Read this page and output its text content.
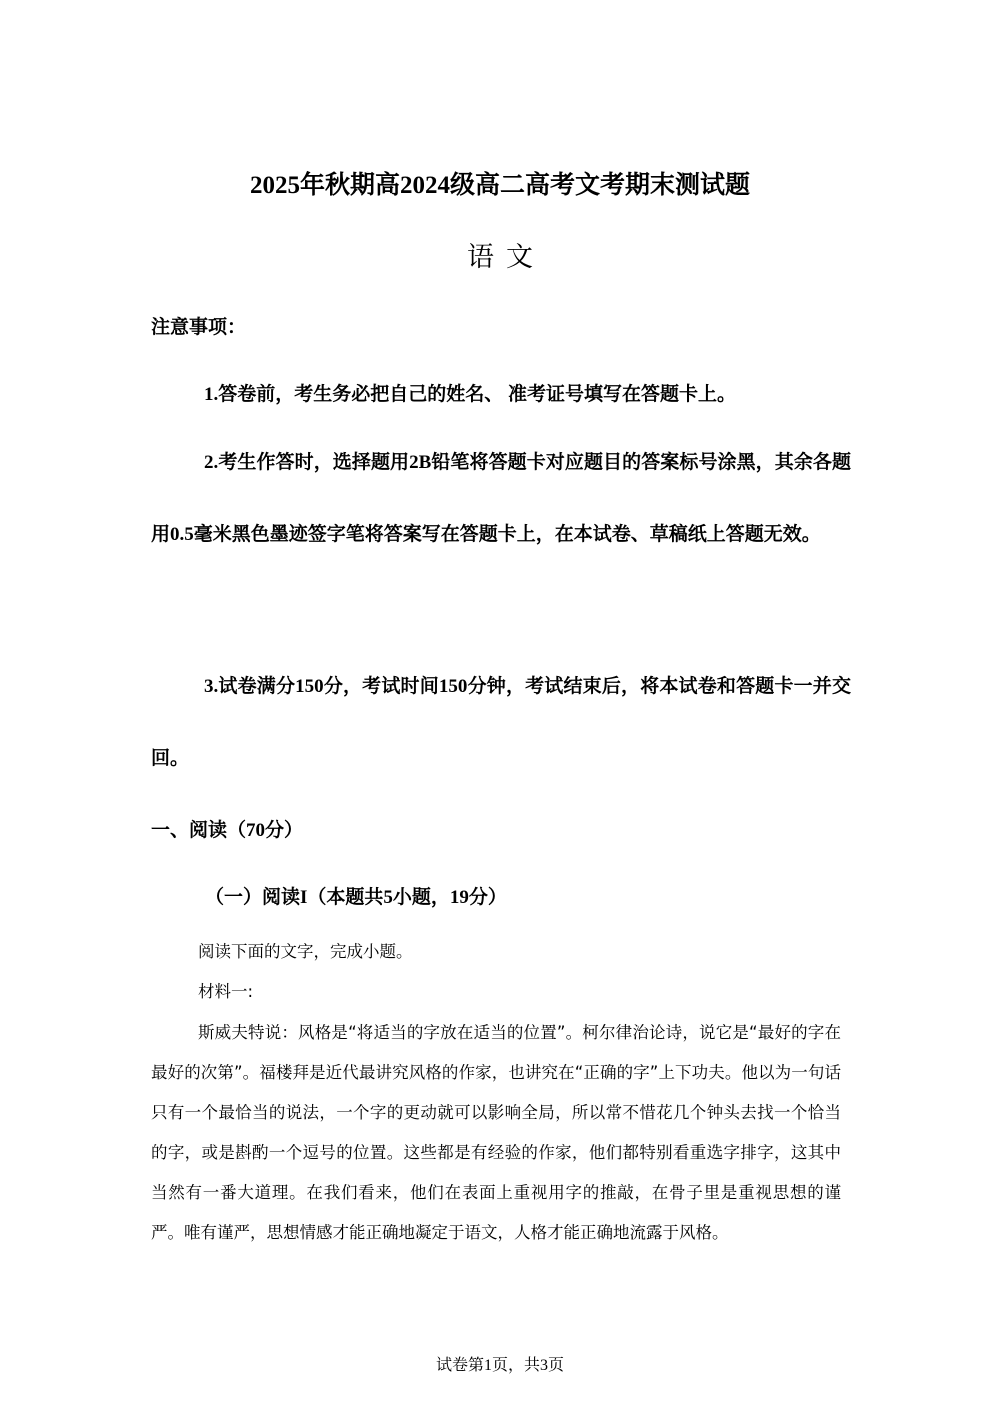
2025年秋期高2024级高二高考文考期末测试题
语文
注意事项：
1.答卷前，考生务必把自己的姓名、 准考证号填写在答题卡上。
2.考生作答时，选择题用2B铅笔将答题卡对应题目的答案标号涂黑，其余各题用0.5毫米黑色墨迹签字笔将答案写在答题卡上，在本试卷、草稿纸上答题无效。
3.试卷满分150分，考试时间150分钟，考试结束后，将本试卷和答题卡一并交回。
一、阅读（70分）
（一）阅读I（本题共5小题，19分）
阅读下面的文字，完成小题。
材料一:
斯威夫特说：风格是“将适当的字放在适当的位置”。柯尔律治论诗，说它是“最好的字在最好的次第”。福楼拜是近代最讲究风格的作家，也讲究在“正确的字”上下功夫。他以为一句话只有一个最恰当的说法，一个字的更动就可以影响全局，所以常不惜花几个钟头去找一个恰当的字，或是斟酌一个逗号的位置。这些都是有经验的作家，他们都特别看重选字排字，这其中当然有一番大道理。在我们看来，他们在表面上重视用字的推敲，在骨子里是重视思想的谨严。唯有谨严，思想情感才能正确地凝定于语文，人格才能正确地流露于风格。
试卷第1页，共3页
